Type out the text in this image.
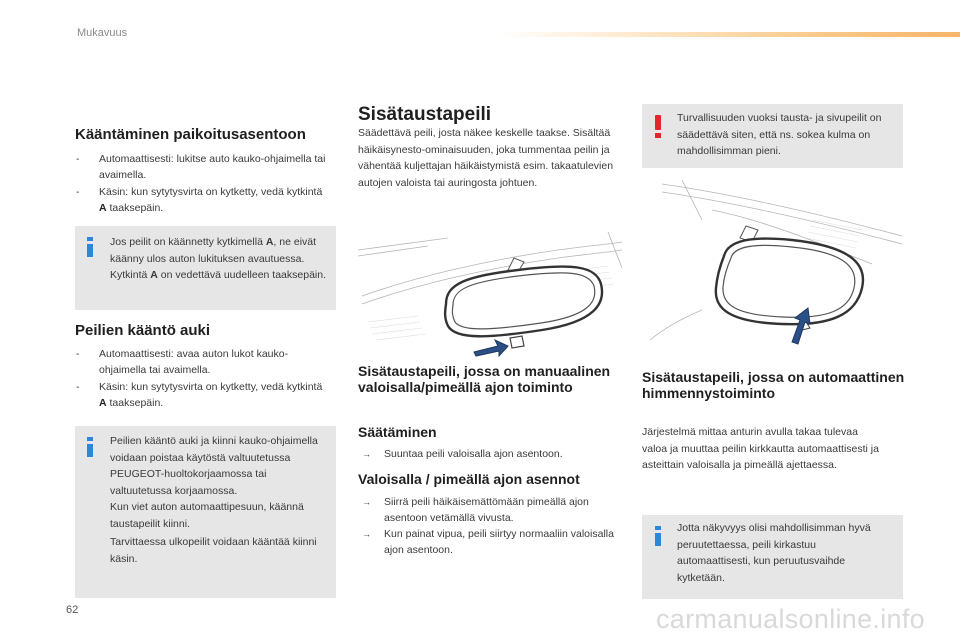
Mukavuus
Kääntäminen paikoitusasentoon
- Automaattisesti: lukitse auto kauko-ohjaimella tai avaimella.
- Käsin: kun sytytysvirta on kytketty, vedä kytkintä A taaksepäin.
Jos peilit on käännetty kytkimellä A, ne eivät käänny ulos auton lukituksen avautuessa. Kytkintä A on vedettävä uudelleen taaksepäin.
Peilien kääntö auki
- Automaattisesti: avaa auton lukot kauko-ohjaimella tai avaimella.
- Käsin: kun sytytysvirta on kytketty, vedä kytkintä A taaksepäin.
Peilien kääntö auki ja kiinni kauko-ohjaimella voidaan poistaa käytöstä valtuutetussa PEUGEOT-huoltokorjaamossa tai valtuutetussa korjaamossa.
Kun viet auton automaattipesuun, käännä taustapeilit kiinni.
Tarvittaessa ulkopeilit voidaan kääntää kiinni käsin.
Sisätaustapeili
Säädettävä peili, josta näkee keskelle taakse. Sisältää häikäisynesto-ominaisuuden, joka tummentaa peilin ja vähentää kuljettajan häikäistymistä esim. takaatulevien autojen valoista tai auringosta johtuen.
Sisätaustapeili, jossa on manuaalinen valoisalla/pimeällä ajon toiminto
Säätäminen
→ Suuntaa peili valoisalla ajon asentoon.
Valoisalla / pimeällä ajon asennot
→ Siirrä peili häikäisemättömään pimeällä ajon asentoon vetämällä vivusta.
→ Kun painat vipua, peili siirtyy normaaliin valoisalla ajon asentoon.
Turvallisuuden vuoksi tausta- ja sivupeilit on säädettävä siten, että ns. sokea kulma on mahdollisimman pieni.
Sisätaustapeili, jossa on automaattinen himmennystoiminto
Järjestelmä mittaa anturin avulla takaa tulevaa valoa ja muuttaa peilin kirkkautta automaattisesti ja asteittain valoisalla ja pimeällä ajettaessa.
Jotta näkyvyys olisi mahdollisimman hyvä peruutettaessa, peili kirkastuu automaattisesti, kun peruutusvaihde kytketään.
62	carmanualsonline.info
